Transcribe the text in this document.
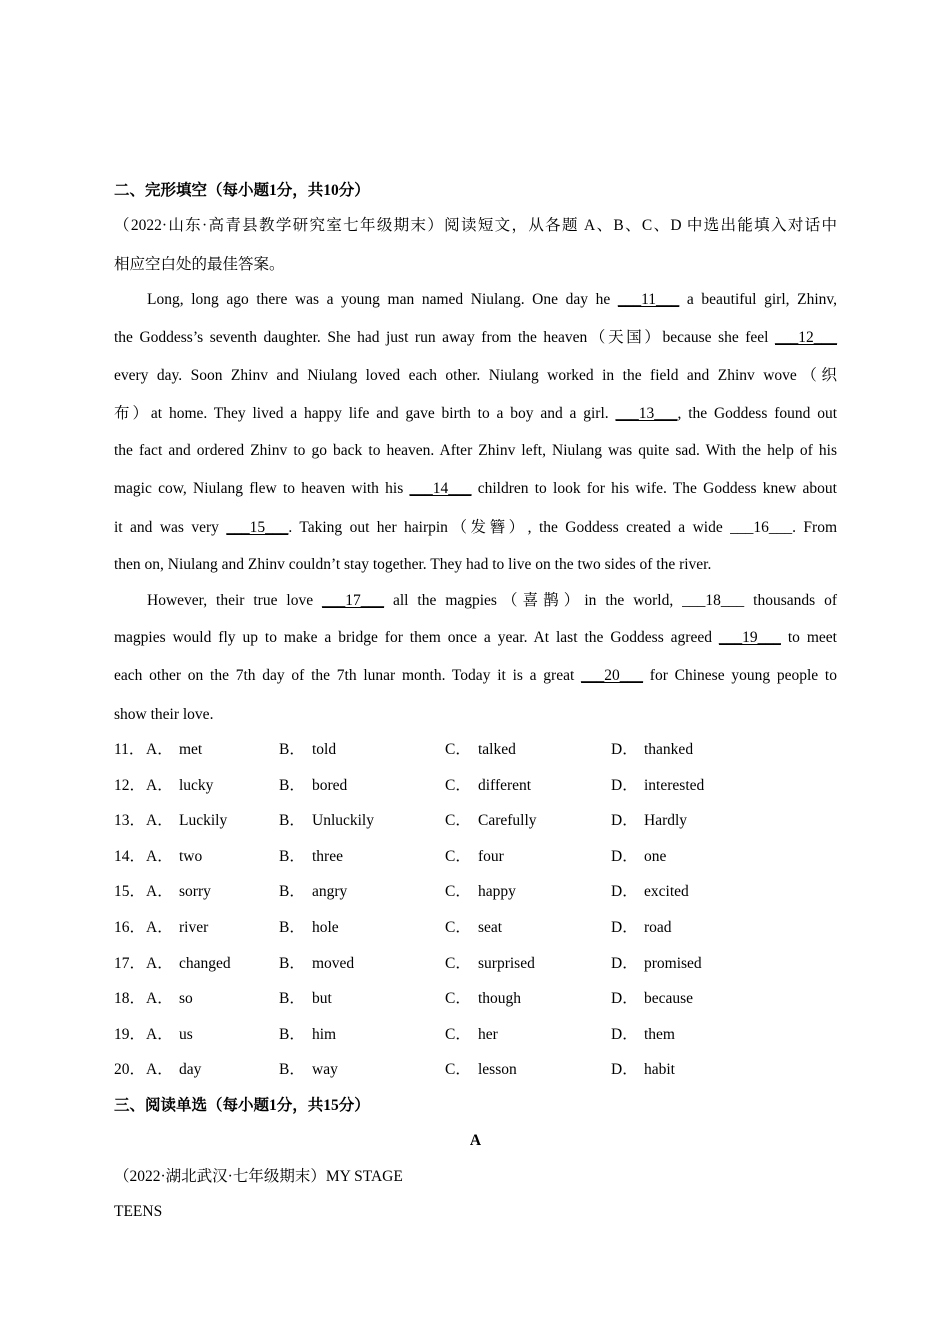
二、完形填空（每小题1分，共10分）
（2022·山东·高青县教学研究室七年级期末）阅读短文，从各题 A、B、C、D 中选出能填入对话中
相应空白处的最佳答案。
Long, long ago there was a young man named Niulang. One day he ___11___ a beautiful girl, Zhinv,
the Goddess’s seventh daughter. She had just run away from the heaven（天国）because she feel ___12___
every day. Soon Zhinv and Niulang loved each other. Niulang worked in the field and Zhinv wove（织
布）at home. They lived a happy life and gave birth to a boy and a girl. ___13___, the Goddess found out
the fact and ordered Zhinv to go back to heaven. After Zhinv left, Niulang was quite sad. With the help of his
magic cow, Niulang flew to heaven with his ___14___ children to look for his wife. The Goddess knew about
it and was very ___15___. Taking out her hairpin（发簪）, the Goddess created a wide ___16___. From
then on, Niulang and Zhinv couldn’t stay together. They had to live on the two sides of the river.
However, their true love ___17___ all the magpies（喜鹊）in the world, ___18___ thousands of
magpies would fly up to make a bridge for them once a year. At last the Goddess agreed ___19___ to meet
each other on the 7th day of the 7th lunar month. Today it is a great ___20___ for Chinese young people to
show their love.
11． A． met	B． told	C． talked	D． thanked
12． A． lucky	B． bored	C． different	D． interested
13． A． Luckily	B． Unluckily	C． Carefully	D． Hardly
14． A． two	B． three	C． four	D． one
15． A． sorry	B． angry	C． happy	D． excited
16． A． river	B． hole	C． seat	D． road
17． A． changed	B． moved	C． surprised	D． promised
18． A． so	B． but	C． though	D． because
19． A． us	B． him	C． her	D． them
20． A． day	B． way	C． lesson	D． habit
三、阅读单选（每小题1分，共15分）
A
（2022·湖北武汉·七年级期末）MY STAGE
TEENS
